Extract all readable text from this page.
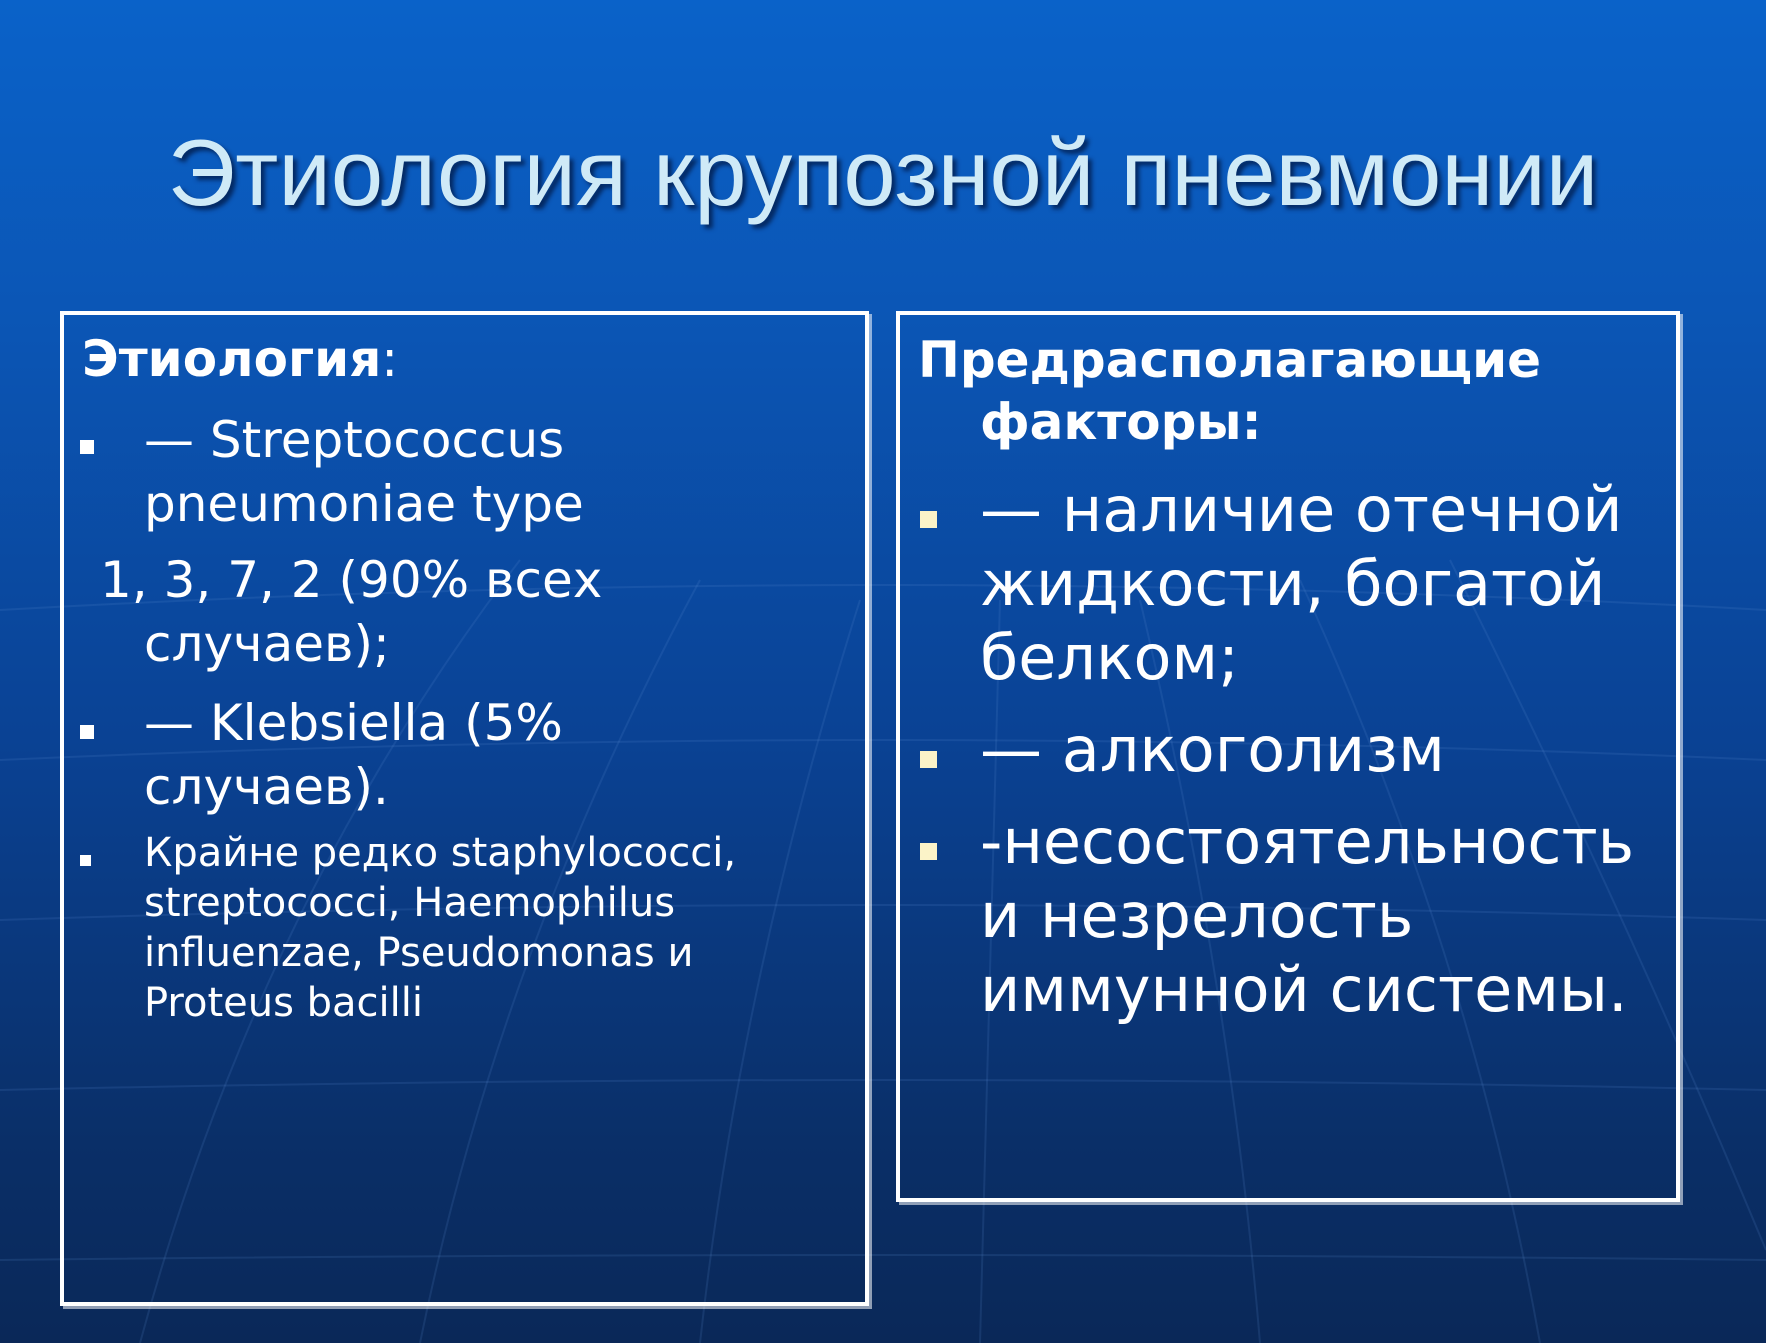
Этиология крупозной пневмонии

Этиология:

— Streptococcus
pneumoniae type
1, 3, 7, 2 (90% всех
случаев);
— Klebsiella (5%
случаев).
Крайне редко staphylococci,
streptococci, Haemophilus
influenzae, Pseudomonas и
Proteus bacilli
Предрасполагающие
факторы:
— наличие отечной
жидкости, богатой
белком;
— алкоголизм
-несостоятельность
и незрелость
иммунной системы.
